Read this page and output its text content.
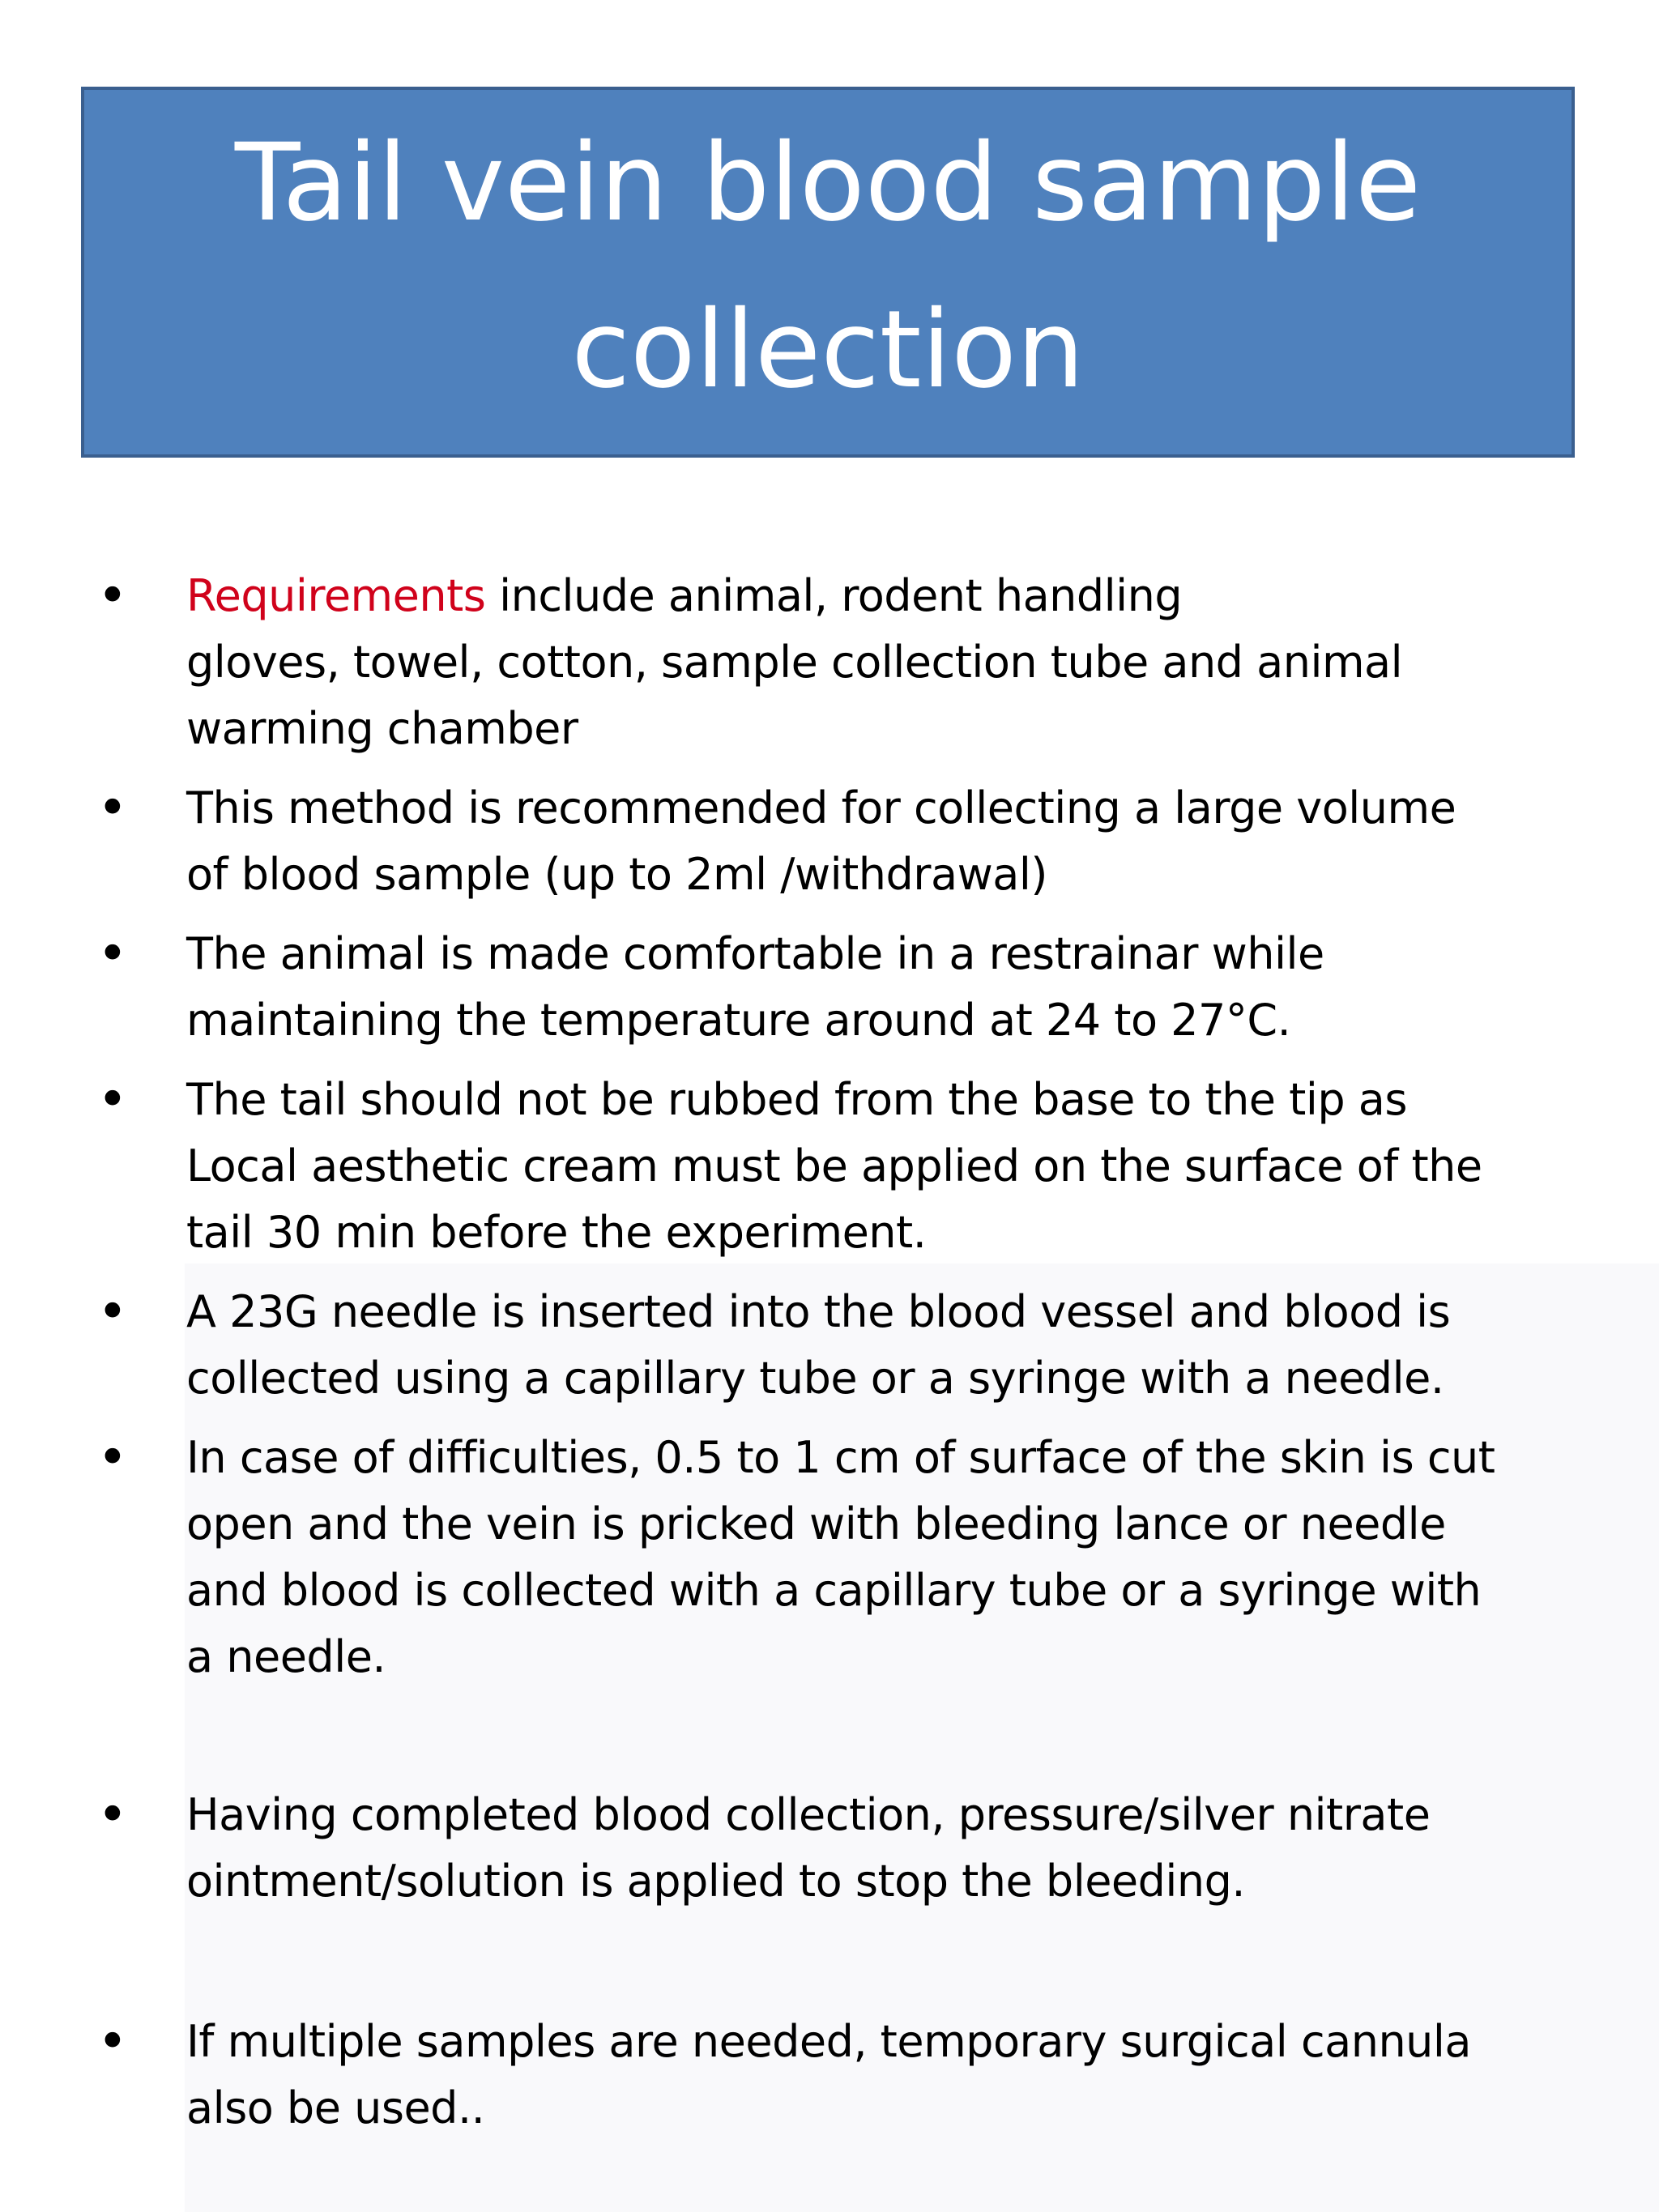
Tail vein blood sample collection
• Requirements include animal, rodent handling
gloves, towel, cotton, sample collection tube and animal
warming chamber
• This method is recommended for collecting a large volume
of blood sample (up to 2ml /withdrawal)
• The animal is made comfortable in a restrainar while
maintaining the temperature around at 24 to 27°C.
• The tail should not be rubbed from the base to the tip as
Local aesthetic cream must be applied on the surface of the
tail 30 min before the experiment.
• A 23G needle is inserted into the blood vessel and blood is
collected using a capillary tube or a syringe with a needle.
• In case of difficulties, 0.5 to 1 cm of surface of the skin is cut
open and the vein is pricked with bleeding lance or needle
and blood is collected with a capillary tube or a syringe with
a needle.
• Having completed blood collection, pressure/silver nitrate
ointment/solution is applied to stop the bleeding.
• If multiple samples are needed, temporary surgical cannula
also be used..
